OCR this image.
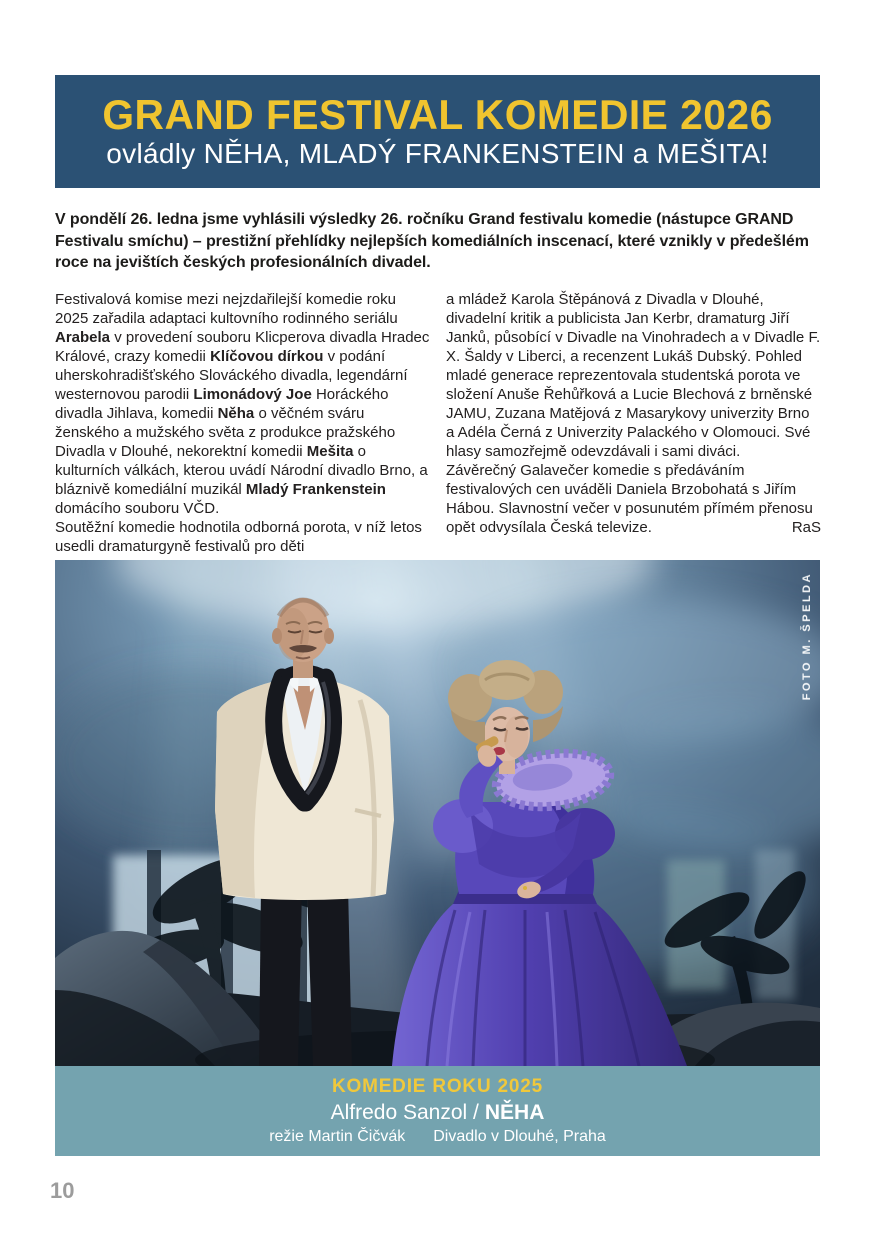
GRAND FESTIVAL KOMEDIE 2026
ovládly NĚHA, MLADÝ FRANKENSTEIN a MEŠITA!

V pondělí 26. ledna jsme vyhlásili výsledky 26. ročníku Grand festivalu komedie (nástupce GRAND Festivalu smíchu) – prestižní přehlídky nejlepších komediálních inscenací, které vznikly v předešlém roce na jevištích českých profesionálních divadel.

Festivalová komise mezi nejzdařilejší komedie roku 2025 zařadila adaptaci kultovního rodinného seriálu Arabela v provedení souboru Klicperova divadla Hradec Králové, crazy komedii Klíčovou dírkou v podání uherskohradišťského Slováckého divadla, legendární westernovou parodii Limonádový Joe Horáckého divadla Jihlava, komedii Něha o věčném sváru ženského a mužského světa z produkce pražského Divadla v Dlouhé, nekorektní komedii Mešita o kulturních válkách, kterou uvádí Národní divadlo Brno, a bláznivě komediální muzikál Mladý Frankenstein domácího souboru VČD.

Soutěžní komedie hodnotila odborná porota, v níž letos usedli dramaturgyně festivalů pro děti

a mládež Karola Štěpánová z Divadla v Dlouhé, divadelní kritik a publicista Jan Kerbr, dramaturg Jiří Janků, působící v Divadle na Vinohradech a v Divadle F. X. Šaldy v Liberci, a recenzent Lukáš Dubský. Pohled mladé generace reprezentovala studentská porota ve složení Anuše Řehůřková a Lucie Blechová z brněnské JAMU, Zuzana Matějová z Masarykovy univerzity Brno a Adéla Černá z Univerzity Palackého v Olomouci. Své hlasy samozřejmě odevzdávali i sami diváci.

Závěrečný Galavečer komedie s předáváním festivalových cen uváděli Daniela Brzobohatá s Jiřím Hábou. Slavnostní večer v posunutém přímém přenosu opět odvysílala Česká televize.	RaS

FOTO M. ŠPELDA
KOMEDIE ROKU 2025
Alfredo Sanzol / NĚHA
režie Martin Čičvák Divadlo v Dlouhé, Praha
10
